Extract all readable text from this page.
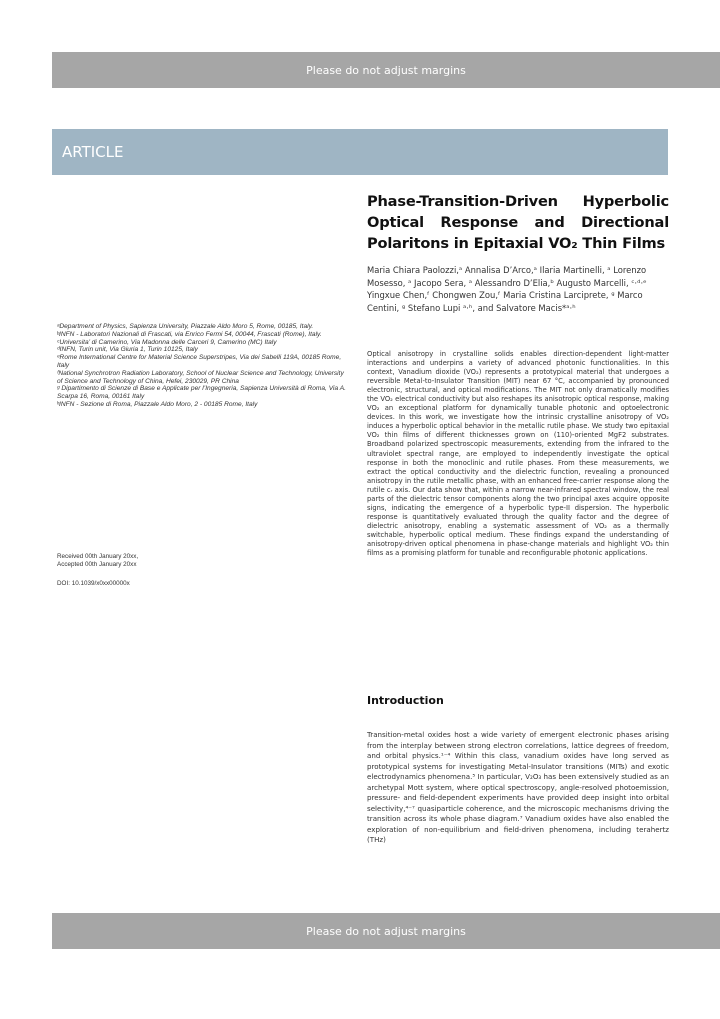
Please do not adjust margins
ARTICLE
ᵃDepartment of Physics, Sapienza University, Piazzale Aldo Moro 5, Rome, 00185, Italy.
ᵇINFN - Laboratori Nazionali di Frascati, via Enrico Fermi 54, 00044, Frascati (Rome), Italy.
ᶜUniversita’ di Camerino, Via Madonna delle Carceri 9, Camerino (MC) Italy
ᵈINFN, Turin unit, Via Giuria 1, Turin 10125, Italy
ᵉRome International Centre for Material Science Superstripes, Via dei Sabelli 119A, 00185 Rome, Italy
ᶠNational Synchrotron Radiation Laboratory, School of Nuclear Science and Technology, University of Science and Technology of China, Hefei, 230029, PR China
ᵍ Dipartimento di Scienze di Base e Applicate per l’Ingegneria, Sapienza Università di Roma, Via A. Scarpa 16, Roma, 00161 Italy
ʰINFN - Sezione di Roma, Piazzale Aldo Moro, 2 - 00185 Rome, Italy
Received 00th January 20xx,
Accepted 00th January 20xx
DOI: 10.1039/x0xx00000x
Phase-Transition-Driven Hyperbolic Optical Response and Directional Polaritons in Epitaxial VO₂ Thin Films
Maria Chiara Paolozzi,ᵃ Annalisa D’Arco,ᵃ Ilaria Martinelli, ᵃ Lorenzo Mosesso, ᵃ Jacopo Sera, ᵃ Alessandro D’Elia,ᵇ Augusto Marcelli, ᶜ·ᵈ·ᵉ Yingxue Chen,ᶠ Chongwen Zou,ᶠ Maria Cristina Larciprete, ᵍ Marco Centini, ᵍ Stefano Lupi ᵃ·ʰ, and Salvatore Macis*ᵃ·ʰ
Optical anisotropy in crystalline solids enables direction-dependent light-matter interactions and underpins a variety of advanced photonic functionalities. In this context, Vanadium dioxide (VO₂) represents a prototypical material that undergoes a reversible Metal-to-Insulator Transition (MIT) near 67 °C, accompanied by pronounced electronic, structural, and optical modifications. The MIT not only dramatically modifies the VO₂ electrical conductivity but also reshapes its anisotropic optical response, making VO₂ an exceptional platform for dynamically tunable photonic and optoelectronic devices. In this work, we investigate how the intrinsic crystalline anisotropy of VO₂ induces a hyperbolic optical behavior in the metallic rutile phase. We study two epitaxial VO₂ thin films of different thicknesses grown on (110)-oriented MgF2 substrates. Broadband polarized spectroscopic measurements, extending from the infrared to the ultraviolet spectral range, are employed to independently investigate the optical response in both the monoclinic and rutile phases. From these measurements, we extract the optical conductivity and the dielectric function, revealing a pronounced anisotropy in the rutile metallic phase, with an enhanced free-carrier response along the rutile cᵣ axis. Our data show that, within a narrow near-infrared spectral window, the real parts of the dielectric tensor components along the two principal axes acquire opposite signs, indicating the emergence of a hyperbolic type-II dispersion. The hyperbolic response is quantitatively evaluated through the quality factor and the degree of dielectric anisotropy, enabling a systematic assessment of VO₂ as a thermally switchable, hyperbolic optical medium. These findings expand the understanding of anisotropy-driven optical phenomena in phase-change materials and highlight VO₂ thin films as a promising platform for tunable and reconfigurable photonic applications.
Introduction
Transition-metal oxides host a wide variety of emergent electronic phases arising from the interplay between strong electron correlations, lattice degrees of freedom, and orbital physics.¹⁻⁴ Within this class, vanadium oxides have long served as prototypical systems for investigating Metal-Insulator transitions (MITs) and exotic electrodynamics phenomena.⁵ In particular, V₂O₃ has been extensively studied as an archetypal Mott system, where optical spectroscopy, angle-resolved photoemission, pressure- and field-dependent experiments have provided deep insight into orbital selectivity,⁴⁻⁷ quasiparticle coherence, and the microscopic mechanisms driving the transition across its whole phase diagram.⁷ Vanadium oxides have also enabled the exploration of non-equilibrium and field-driven phenomena, including terahertz (THz)
Please do not adjust margins
